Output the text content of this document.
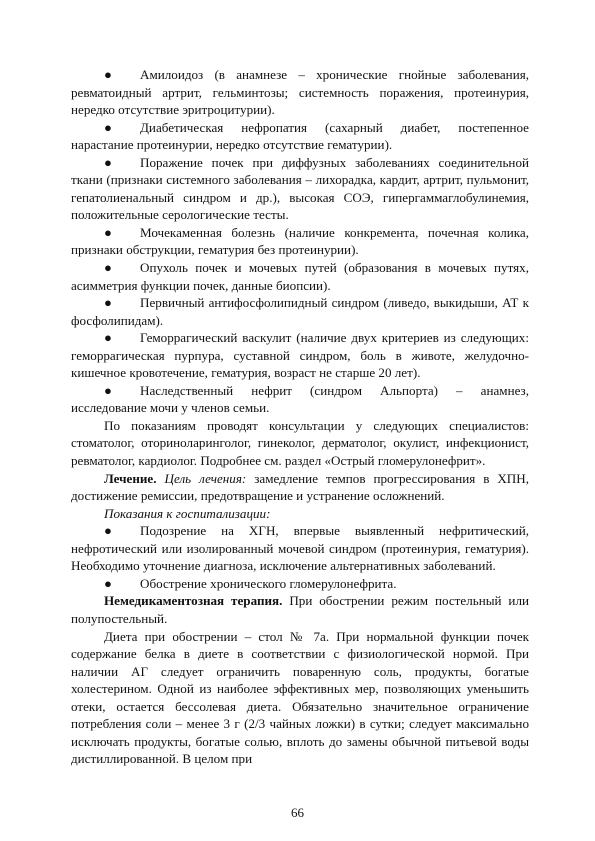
● Амилоидоз (в анамнезе – хронические гнойные заболевания, ревматоидный артрит, гельминтозы; системность поражения, протеинурия, нередко отсутствие эритроцитурии).

● Диабетическая нефропатия (сахарный диабет, постепенное нарастание протеинурии, нередко отсутствие гематурии).

● Поражение почек при диффузных заболеваниях соединительной ткани (признаки системного заболевания – лихорадка, кардит, артрит, пульмонит, гепатолиенальный синдром и др.), высокая СОЭ, гипергаммаглобулинемия, положительные серологические тесты.

● Мочекаменная болезнь (наличие конкремента, почечная колика, признаки обструкции, гематурия без протеинурии).

● Опухоль почек и мочевых путей (образования в мочевых путях, асимметрия функции почек, данные биопсии).

● Первичный антифосфолипидный синдром (ливедо, выкидыши, АТ к фосфолипидам).

● Геморрагический васкулит (наличие двух критериев из следующих: геморрагическая пурпура, суставной синдром, боль в животе, желудочно-кишечное кровотечение, гематурия, возраст не старше 20 лет).

● Наследственный нефрит (синдром Альпорта) – анамнез, исследование мочи у членов семьи.

По показаниям проводят консультации у следующих специалистов: стоматолог, оториноларинголог, гинеколог, дерматолог, окулист, инфекционист, ревматолог, кардиолог. Подробнее см. раздел «Острый гломерулонефрит».

Лечение. Цель лечения: замедление темпов прогрессирования в ХПН, достижение ремиссии, предотвращение и устранение осложнений.

Показания к госпитализации:

● Подозрение на ХГН, впервые выявленный нефритический, нефротический или изолированный мочевой синдром (протеинурия, гематурия). Необходимо уточнение диагноза, исключение альтернативных заболеваний.

● Обострение хронического гломерулонефрита.

Немедикаментозная терапия. При обострении режим постельный или полупостельный.

Диета при обострении – стол № 7а. При нормальной функции почек содержание белка в диете в соответствии с физиологической нормой. При наличии АГ следует ограничить поваренную соль, продукты, богатые холестерином. Одной из наиболее эффективных мер, позволяющих уменьшить отеки, остается бессолевая диета. Обязательно значительное ограничение потребления соли – менее 3 г (2/3 чайных ложки) в сутки; следует максимально исключать продукты, богатые солью, вплоть до замены обычной питьевой воды дистиллированной. В целом при

66
